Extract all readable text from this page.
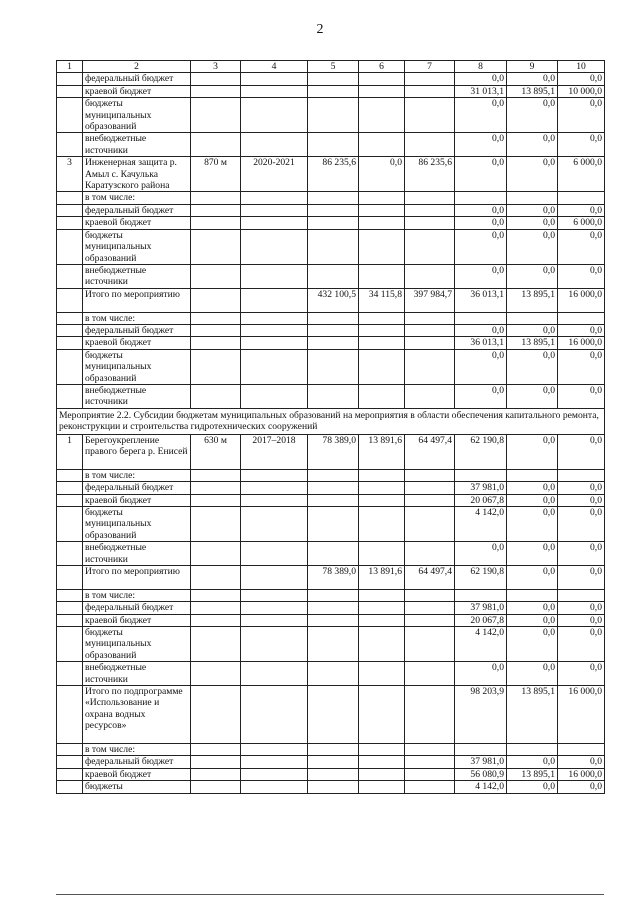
2
1	2	3	4	5	6	7	8	9	10
	федеральный бюджет						0,0	0,0	0,0
	краевой бюджет						31 013,1	13 895,1	10 000,0
	бюджеты муниципальных образований						0,0	0,0	0,0
	внебюджетные источники						0,0	0,0	0,0
3	Инженерная защита р. Амыл с. Качулька Каратузского района	870 м	2020-2021	86 235,6	0,0	86 235,6	0,0	0,0	6 000,0
	в том числе:								
	федеральный бюджет						0,0	0,0	0,0
	краевой бюджет						0,0	0,0	6 000,0
	бюджеты муниципальных образований						0,0	0,0	0,0
	внебюджетные источники						0,0	0,0	0,0
	Итого по мероприятию			432 100,5	34 115,8	397 984,7	36 013,1	13 895,1	16 000,0
	в том числе:								
	федеральный бюджет						0,0	0,0	0,0
	краевой бюджет						36 013,1	13 895,1	16 000,0
	бюджеты муниципальных образований						0,0	0,0	0,0
	внебюджетные источники						0,0	0,0	0,0
Мероприятие 2.2. Субсидии бюджетам муниципальных образований на мероприятия в области обеспечения капитального ремонта, реконструкции и строительства гидротехнических сооружений									
1	Берегоукрепление правого берега р. Енисей	630 м	2017–2018	78 389,0	13 891,6	64 497,4	62 190,8	0,0	0,0
	в том числе:								
	федеральный бюджет						37 981,0	0,0	0,0
	краевой бюджет						20 067,8	0,0	0,0
	бюджеты муниципальных образований						4 142,0	0,0	0,0
	внебюджетные источники						0,0	0,0	0,0
	Итого по мероприятию			78 389,0	13 891,6	64 497,4	62 190,8	0,0	0,0
	в том числе:								
	федеральный бюджет						37 981,0	0,0	0,0
	краевой бюджет						20 067,8	0,0	0,0
	бюджеты муниципальных образований						4 142,0	0,0	0,0
	внебюджетные источники						0,0	0,0	0,0
	Итого по подпрограмме «Использование и охрана водных ресурсов»						98 203,9	13 895,1	16 000,0
	в том числе:								
	федеральный бюджет						37 981,0	0,0	0,0
	краевой бюджет						56 080,9	13 895,1	16 000,0
	бюджеты						4 142,0	0,0	0,0
